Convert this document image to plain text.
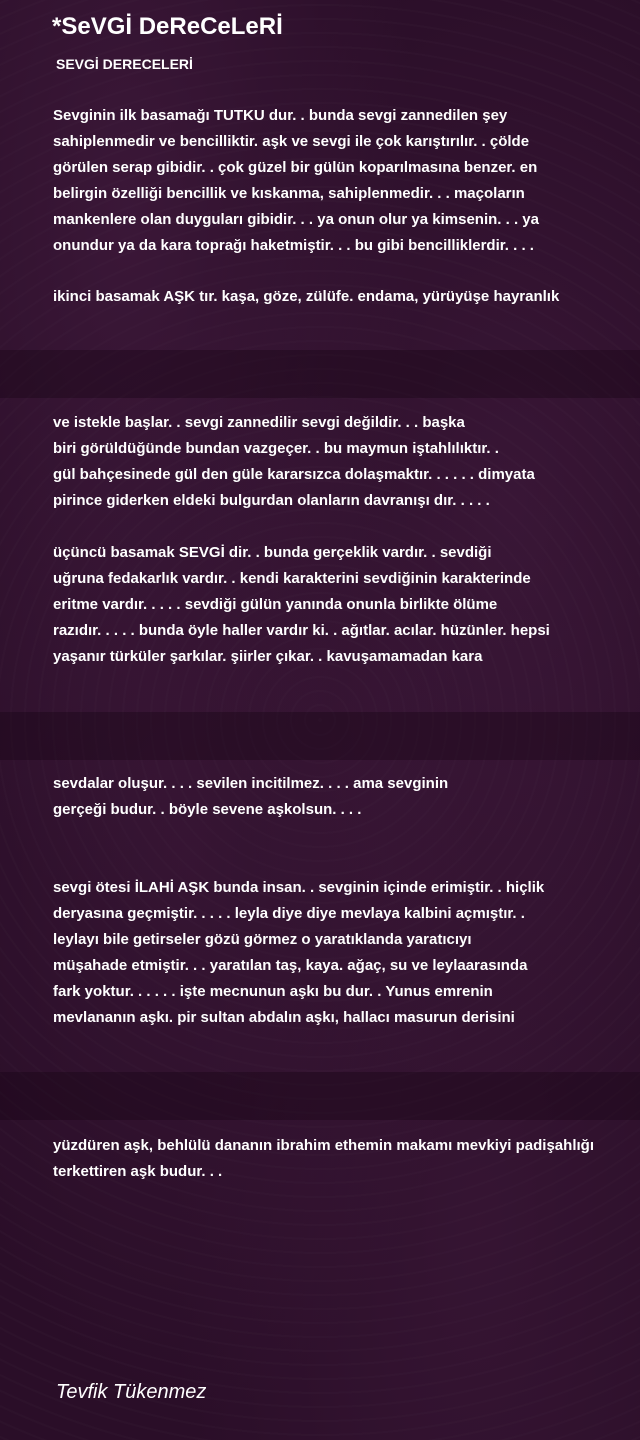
*SeVGİ DeReCeLeRİ
SEVGİ DERECELERİ
Sevginin ilk basamağı TUTKU dur. . bunda sevgi zannedilen şey
sahiplenmedir ve bencilliktir. aşk ve sevgi ile çok karıştırılır. . çölde
görülen serap gibidir. . çok güzel bir gülün koparılmasına benzer. en
belirgin özelliği bencillik ve kıskanma, sahiplenmedir. . . maçoların
mankenlere olan duyguları gibidir. . . ya onun olur ya kimsenin. . . ya
onundur ya da kara toprağı haketmiştir. . . bu gibi bencilliklerdir. . . .
ikinci basamak AŞK tır. kaşa, göze, zülüfe. endama, yürüyüşe hayranlık
ve istekle başlar. . sevgi zannedilir sevgi değildir. . . başka
biri görüldüğünde bundan vazgeçer. . bu maymun iştahlılıktır. .
gül bahçesinede gül den güle kararsızca dolaşmaktır. . . . . . dimyata
pirince giderken eldeki bulgurdan olanların davranışı dır. . . . .
üçüncü basamak SEVGİ dir. . bunda gerçeklik vardır. . sevdiği
uğruna fedakarlık vardır. . kendi karakterini sevdiğinin karakterinde
eritme vardır. . . . . sevdiği gülün yanında onunla birlikte ölüme
razıdır. . . . . bunda öyle haller vardır ki. . ağıtlar. acılar. hüzünler. hepsi
yaşanır türküler şarkılar. şiirler çıkar. . kavuşamamadan kara
sevdalar oluşur. . . . sevilen incitilmez. . . . ama sevginin
gerçeği budur. . böyle sevene aşkolsun. . . .
sevgi ötesi İLAHİ AŞK bunda insan. . sevginin içinde erimiştir. . hiçlik
deryasına geçmiştir. . . . . leyla diye diye mevlaya kalbini açmıştır. .
leylayı bile getirseler gözü görmez o yaratıklanda yaratıcıyı
müşahade etmiştir. . . yaratılan taş, kaya. ağaç, su ve leylaarasında
fark yoktur. . . . . . işte mecnunun aşkı bu dur. . Yunus emrenin
mevlananın aşkı. pir sultan abdalın aşkı, hallacı masurun derisini
yüzdüren aşk, behlülü dananın ibrahim ethemin makamı mevkiyi padişahlığı
terkettiren aşk budur. . .
Tevfik Tükenmez
